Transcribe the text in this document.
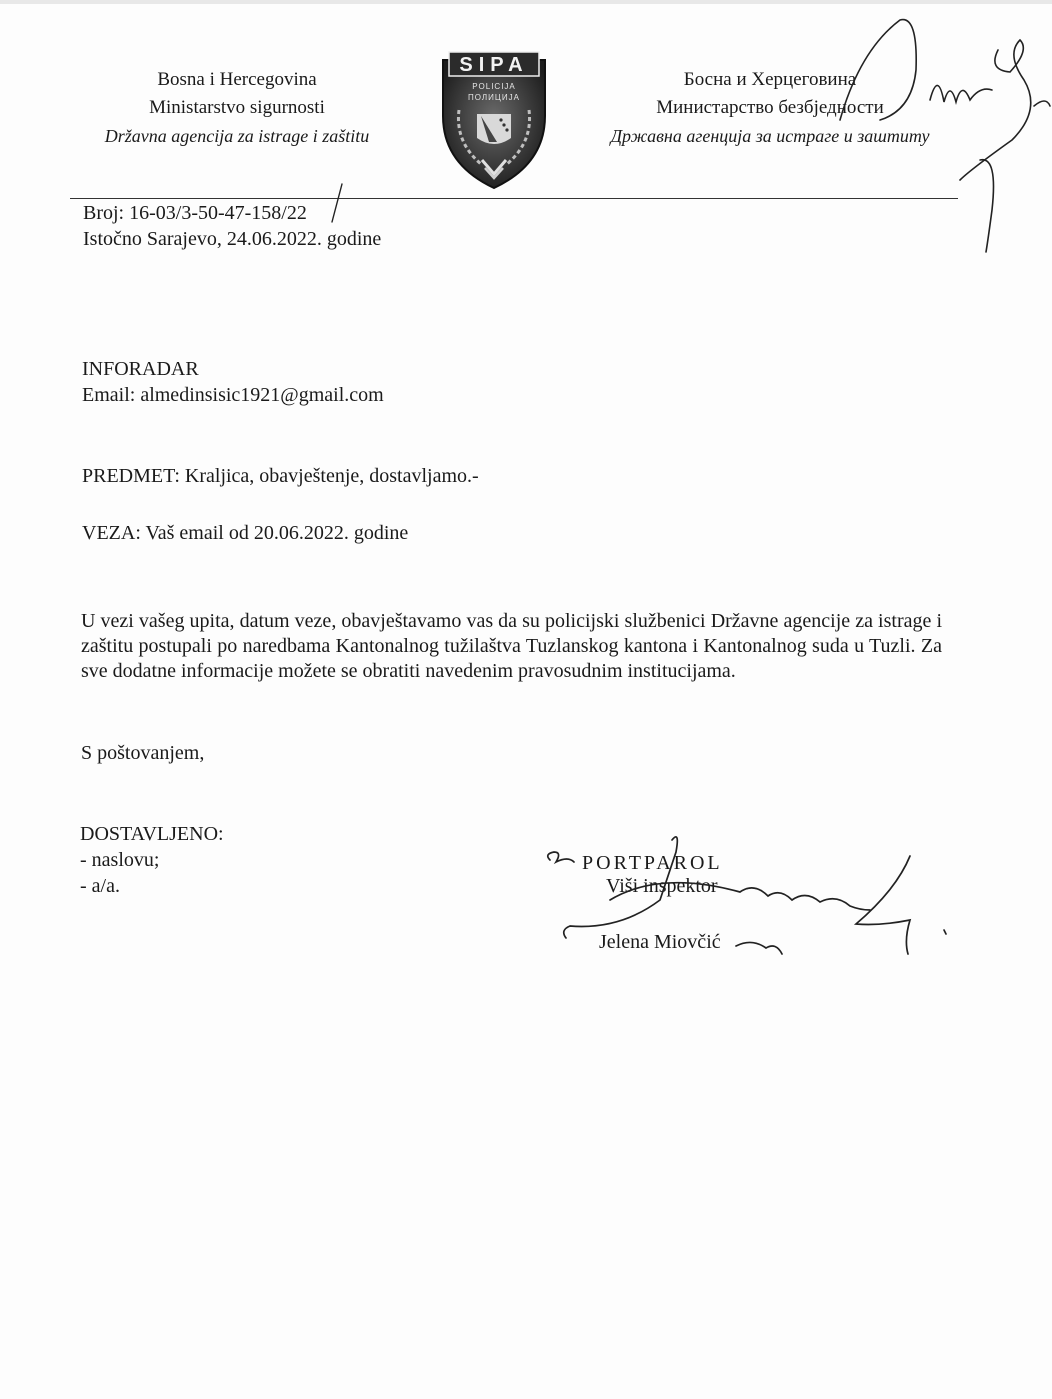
Bosna i Hercegovina
Ministarstvo sigurnosti
Državna agencija za istrage i zaštitu
SIPA
POLICIJA
ПОЛИЦИЈА
Босна и Херцеговина
Министарство безбједности
Државна агенција за истраге и заштиту
Broj: 16-03/3-50-47-158/22
Istočno Sarajevo, 24.06.2022. godine
INFORADAR
Email: almedinsisic1921@gmail.com
PREDMET: Kraljica, obavještenje, dostavljamo.-
VEZA: Vaš email od 20.06.2022. godine
U vezi vašeg upita, datum veze, obavještavamo vas da su policijski službenici Državne agencije za istrage i zaštitu postupali po naredbama Kantonalnog tužilaštva Tuzlanskog kantona i Kantonalnog suda u Tuzli. Za sve dodatne informacije možete se obratiti navedenim pravosudnim institucijama.
S poštovanjem,
DOSTAVLJENO:
- naslovu;
- a/a.
PORTPAROL
Viši inspektor
Jelena Miovčić
